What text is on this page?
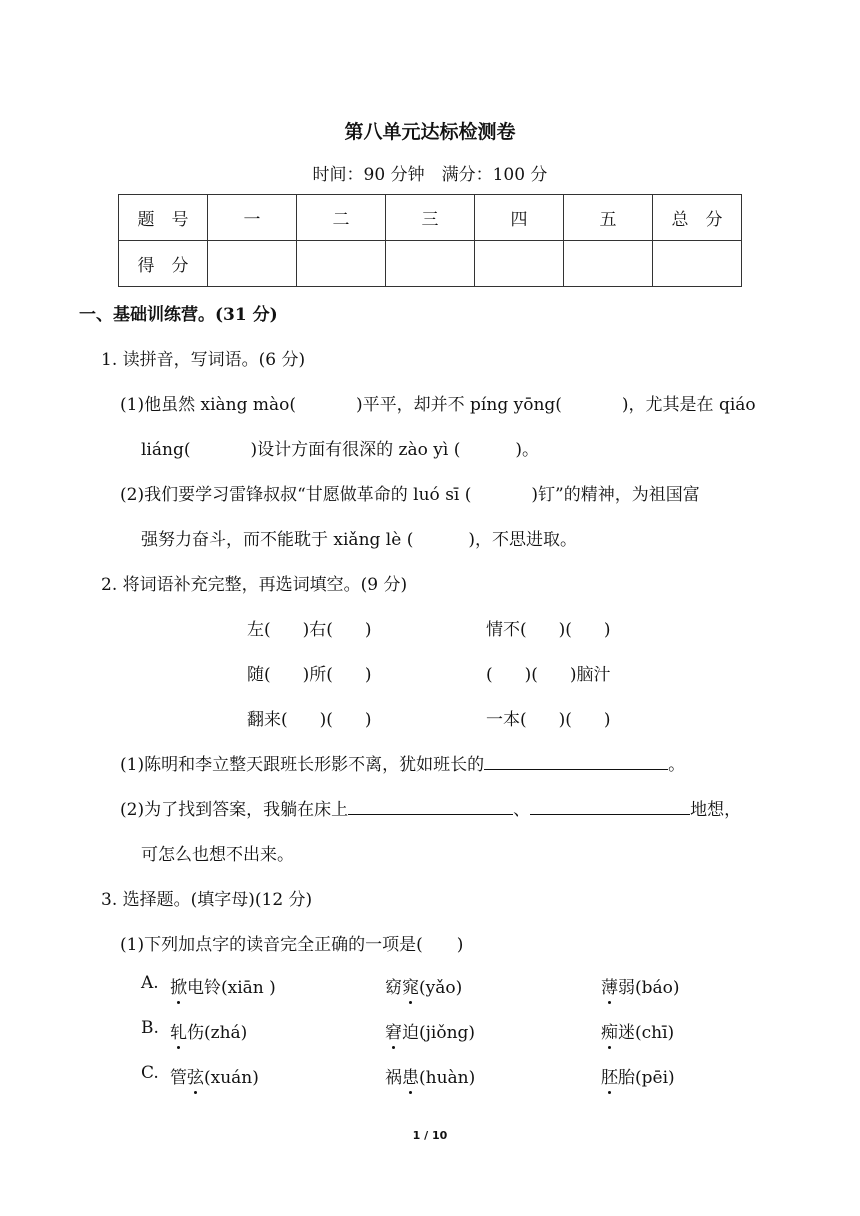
第八单元达标检测卷
时间：90 分钟　满分：100 分
题　号	一	二	三	四	五	总　分
得　分						
一、基础训练营。(31 分)
1. 读拼音，写词语。(6 分)
(1)他虽然 xiàng mào(	)平平，却并不 píng yōng(	)，尤其是在 qiáo
liáng(	)设计方面有很深的 zào yì (	)。
(2)我们要学习雷锋叔叔“甘愿做革命的 luó sī (	)钉”的精神，为祖国富
强努力奋斗，而不能耽于 xiǎng lè (	)，不思进取。
2. 将词语补充完整，再选词填空。(9 分)
左( )右( )	情不( )( )
随( )所( )	( )( )脑汁
翻来( )( )	一本( )( )
(1)陈明和李立整天跟班长形影不离，犹如班长的	。
(2)为了找到答案，我躺在床上	、	地想，
可怎么也想不出来。
3. 选择题。(填字母)(12 分)
(1)下列加点字的读音完全正确的一项是(　　)
A. 掀电铃(xiān )	窈窕(yǎo)	薄弱(báo)
B. 轧伤(zhá)	窘迫(jiǒng)	痴迷(chī)
C. 管弦(xuán)	祸患(huàn)	胚胎(pēi)
1 / 10
